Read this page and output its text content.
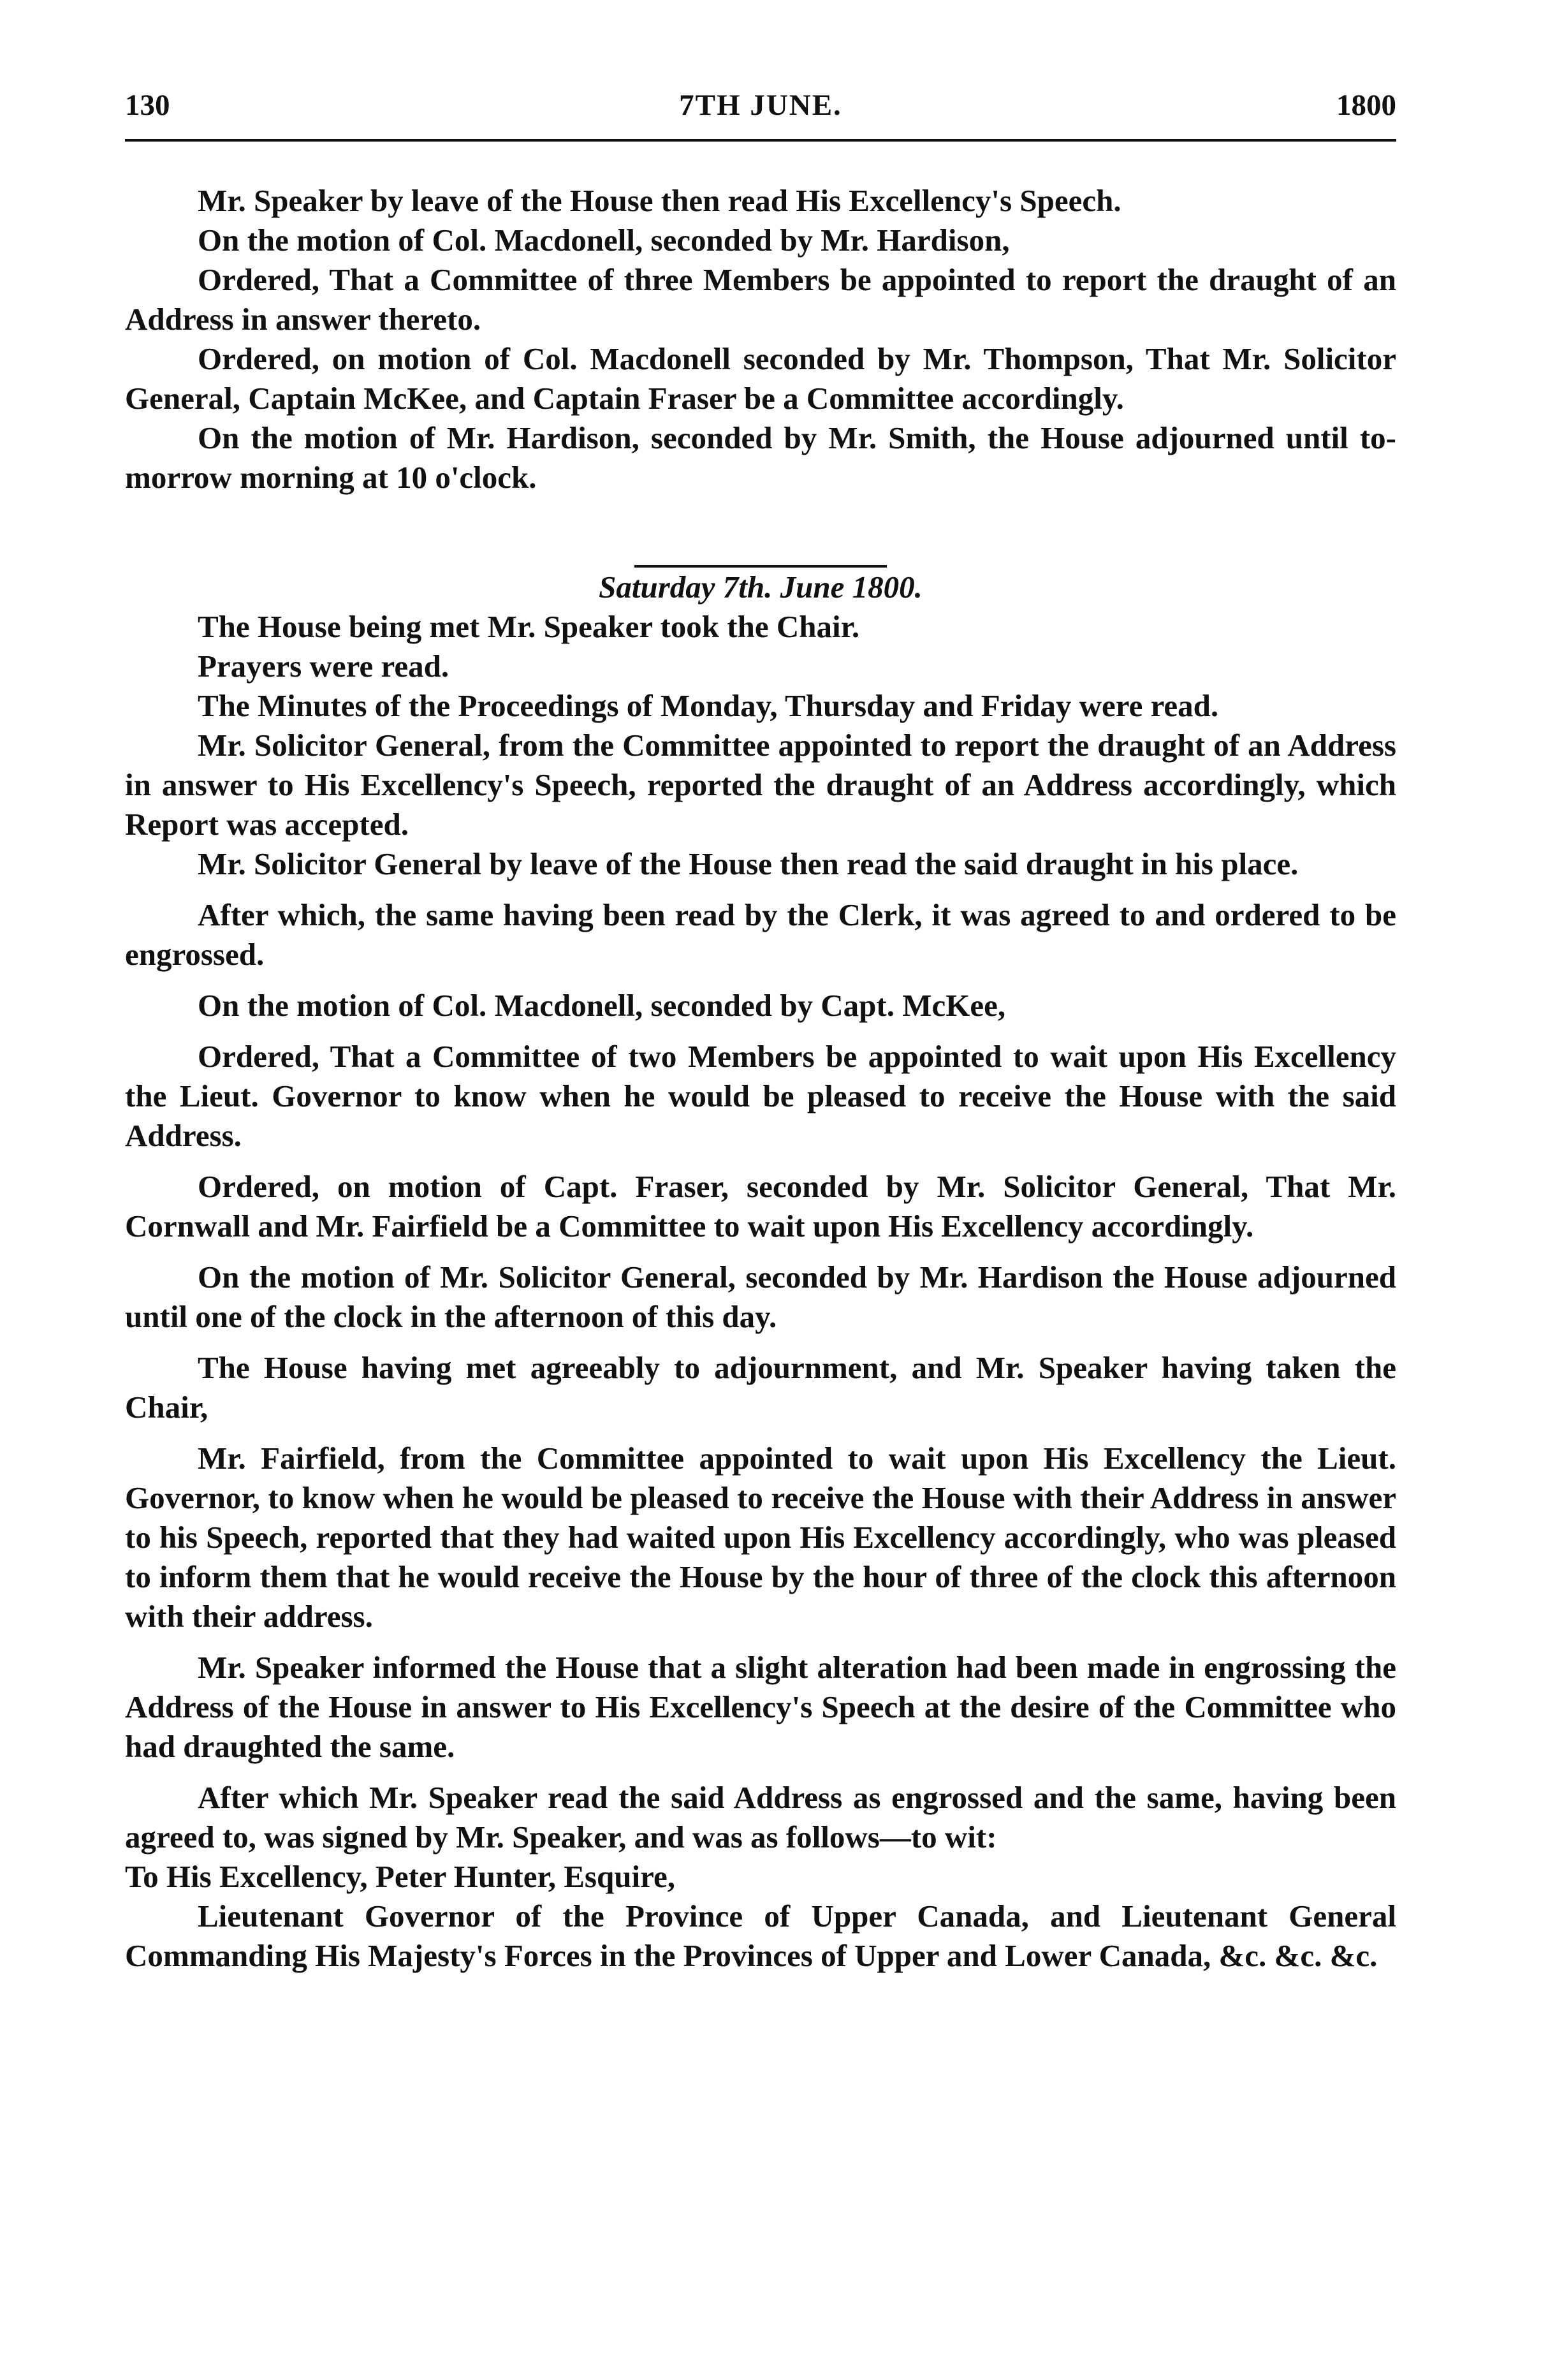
130	7TH JUNE.	1800

Mr. Speaker by leave of the House then read His Excellency's Speech.

On the motion of Col. Macdonell, seconded by Mr. Hardison,

Ordered, That a Committee of three Members be appointed to report the draught of an Address in answer thereto.

Ordered, on motion of Col. Macdonell seconded by Mr. Thompson, That Mr. Solicitor General, Captain McKee, and Captain Fraser be a Committee accordingly.

On the motion of Mr. Hardison, seconded by Mr. Smith, the House adjourned until to-morrow morning at 10 o'clock.

Saturday 7th. June 1800.

The House being met Mr. Speaker took the Chair.

Prayers were read.

The Minutes of the Proceedings of Monday, Thursday and Friday were read.

Mr. Solicitor General, from the Committee appointed to report the draught of an Address in answer to His Excellency's Speech, reported the draught of an Address accordingly, which Report was accepted.

Mr. Solicitor General by leave of the House then read the said draught in his place.

After which, the same having been read by the Clerk, it was agreed to and ordered to be engrossed.

On the motion of Col. Macdonell, seconded by Capt. McKee,

Ordered, That a Committee of two Members be appointed to wait upon His Excellency the Lieut. Governor to know when he would be pleased to receive the House with the said Address.

Ordered, on motion of Capt. Fraser, seconded by Mr. Solicitor General, That Mr. Cornwall and Mr. Fairfield be a Committee to wait upon His Excellency accordingly.

On the motion of Mr. Solicitor General, seconded by Mr. Hardison the House adjourned until one of the clock in the afternoon of this day.

The House having met agreeably to adjournment, and Mr. Speaker having taken the Chair,

Mr. Fairfield, from the Committee appointed to wait upon His Excellency the Lieut. Governor, to know when he would be pleased to receive the House with their Address in answer to his Speech, reported that they had waited upon His Excellency accordingly, who was pleased to inform them that he would receive the House by the hour of three of the clock this afternoon with their address.

Mr. Speaker informed the House that a slight alteration had been made in engrossing the Address of the House in answer to His Excellency's Speech at the desire of the Committee who had draughted the same.

After which Mr. Speaker read the said Address as engrossed and the same, having been agreed to, was signed by Mr. Speaker, and was as follows—to wit:

To His Excellency, Peter Hunter, Esquire,

Lieutenant Governor of the Province of Upper Canada, and Lieutenant General Commanding His Majesty's Forces in the Provinces of Upper and Lower Canada, &c. &c. &c.
